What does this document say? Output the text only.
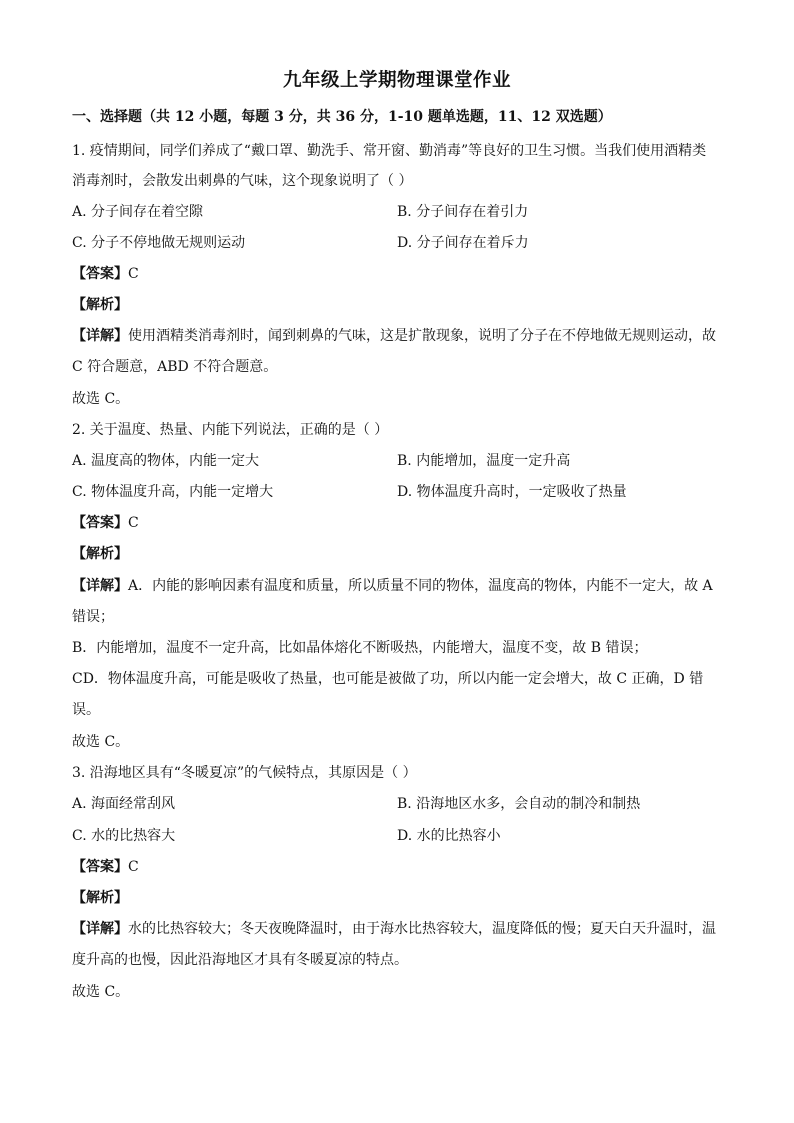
九年级上学期物理课堂作业
一、选择题（共 12 小题，每题 3 分，共 36 分，1-10 题单选题，11、12 双选题）
1. 疫情期间，同学们养成了“戴口罩、勤洗手、常开窗、勤消毒”等良好的卫生习惯。当我们使用酒精类
消毒剂时，会散发出刺鼻的气味，这个现象说明了（ ）
A. 分子间存在着空隙	B. 分子间存在着引力
C. 分子不停地做无规则运动	D. 分子间存在着斥力
【答案】C
【解析】
【详解】使用酒精类消毒剂时，闻到刺鼻的气味，这是扩散现象，说明了分子在不停地做无规则运动，故
C 符合题意，ABD 不符合题意。
故选 C。
2. 关于温度、热量、内能下列说法，正确的是（ ）
A. 温度高的物体，内能一定大	B. 内能增加，温度一定升高
C. 物体温度升高，内能一定增大	D. 物体温度升高时，一定吸收了热量
【答案】C
【解析】
【详解】A．内能的影响因素有温度和质量，所以质量不同的物体，温度高的物体，内能不一定大，故 A
错误；
B．内能增加，温度不一定升高，比如晶体熔化不断吸热，内能增大，温度不变，故 B 错误；
CD．物体温度升高，可能是吸收了热量，也可能是被做了功，所以内能一定会增大，故 C 正确，D 错
误。
故选 C。
3. 沿海地区具有“冬暖夏凉”的气候特点，其原因是（ ）
A. 海面经常刮风	B. 沿海地区水多，会自动的制冷和制热
C. 水的比热容大	D. 水的比热容小
【答案】C
【解析】
【详解】水的比热容较大；冬天夜晚降温时，由于海水比热容较大，温度降低的慢；夏天白天升温时，温
度升高的也慢，因此沿海地区才具有冬暖夏凉的特点。
故选 C。
